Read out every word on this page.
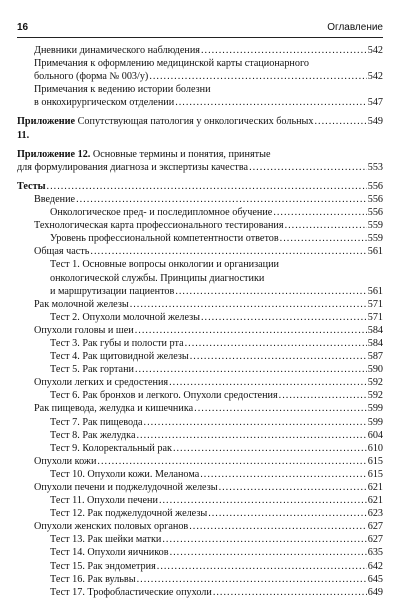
16	Оглавление
Дневники динамического наблюдения .....	542
Примечания к оформлению медицинской карты стационарного
больного (форма № 003/у) .....	542
Примечания к ведению истории болезни
в онкохирургическом отделении .....	547
Приложение 11.
Сопутствующая патология у онкологических больных .....	549
Приложение 12. Основные термины и понятия, принятые
для формулирования диагноза и экспертизы качества .....	553
Тесты .....	556
Введение .....	556
Онкологическое пред- и последипломное обучение .....	556
Технологическая карта профессионального тестирования .....	559
Уровень профессиональной компетентности ответов .....	559
Общая часть .....	561
Тест 1. Основные вопросы онкологии и организации
онкологической службы. Принципы диагностики
и маршрутизации пациентов .....	561
Рак молочной железы .....	571
Тест 2. Опухоли молочной железы .....	571
Опухоли головы и шеи .....	584
Тест 3. Рак губы и полости рта .....	584
Тест 4. Рак щитовидной железы .....	587
Тест 5. Рак гортани .....	590
Опухоли легких и средостения .....	592
Тест 6. Рак бронхов и легкого. Опухоли средостения .....	592
Рак пищевода, желудка и кишечника .....	599
Тест 7. Рак пищевода .....	599
Тест 8. Рак желудка .....	604
Тест 9. Колоректальный рак .....	610
Опухоли кожи .....	615
Тест 10. Опухоли кожи. Меланома .....	615
Опухоли печени и поджелудочной железы .....	621
Тест 11. Опухоли печени .....	621
Тест 12. Рак поджелудочной железы .....	623
Опухоли женских половых органов .....	627
Тест 13. Рак шейки матки .....	627
Тест 14. Опухоли яичников .....	635
Тест 15. Рак эндометрия .....	642
Тест 16. Рак вульвы .....	645
Тест 17. Трофобластические опухоли .....	649
